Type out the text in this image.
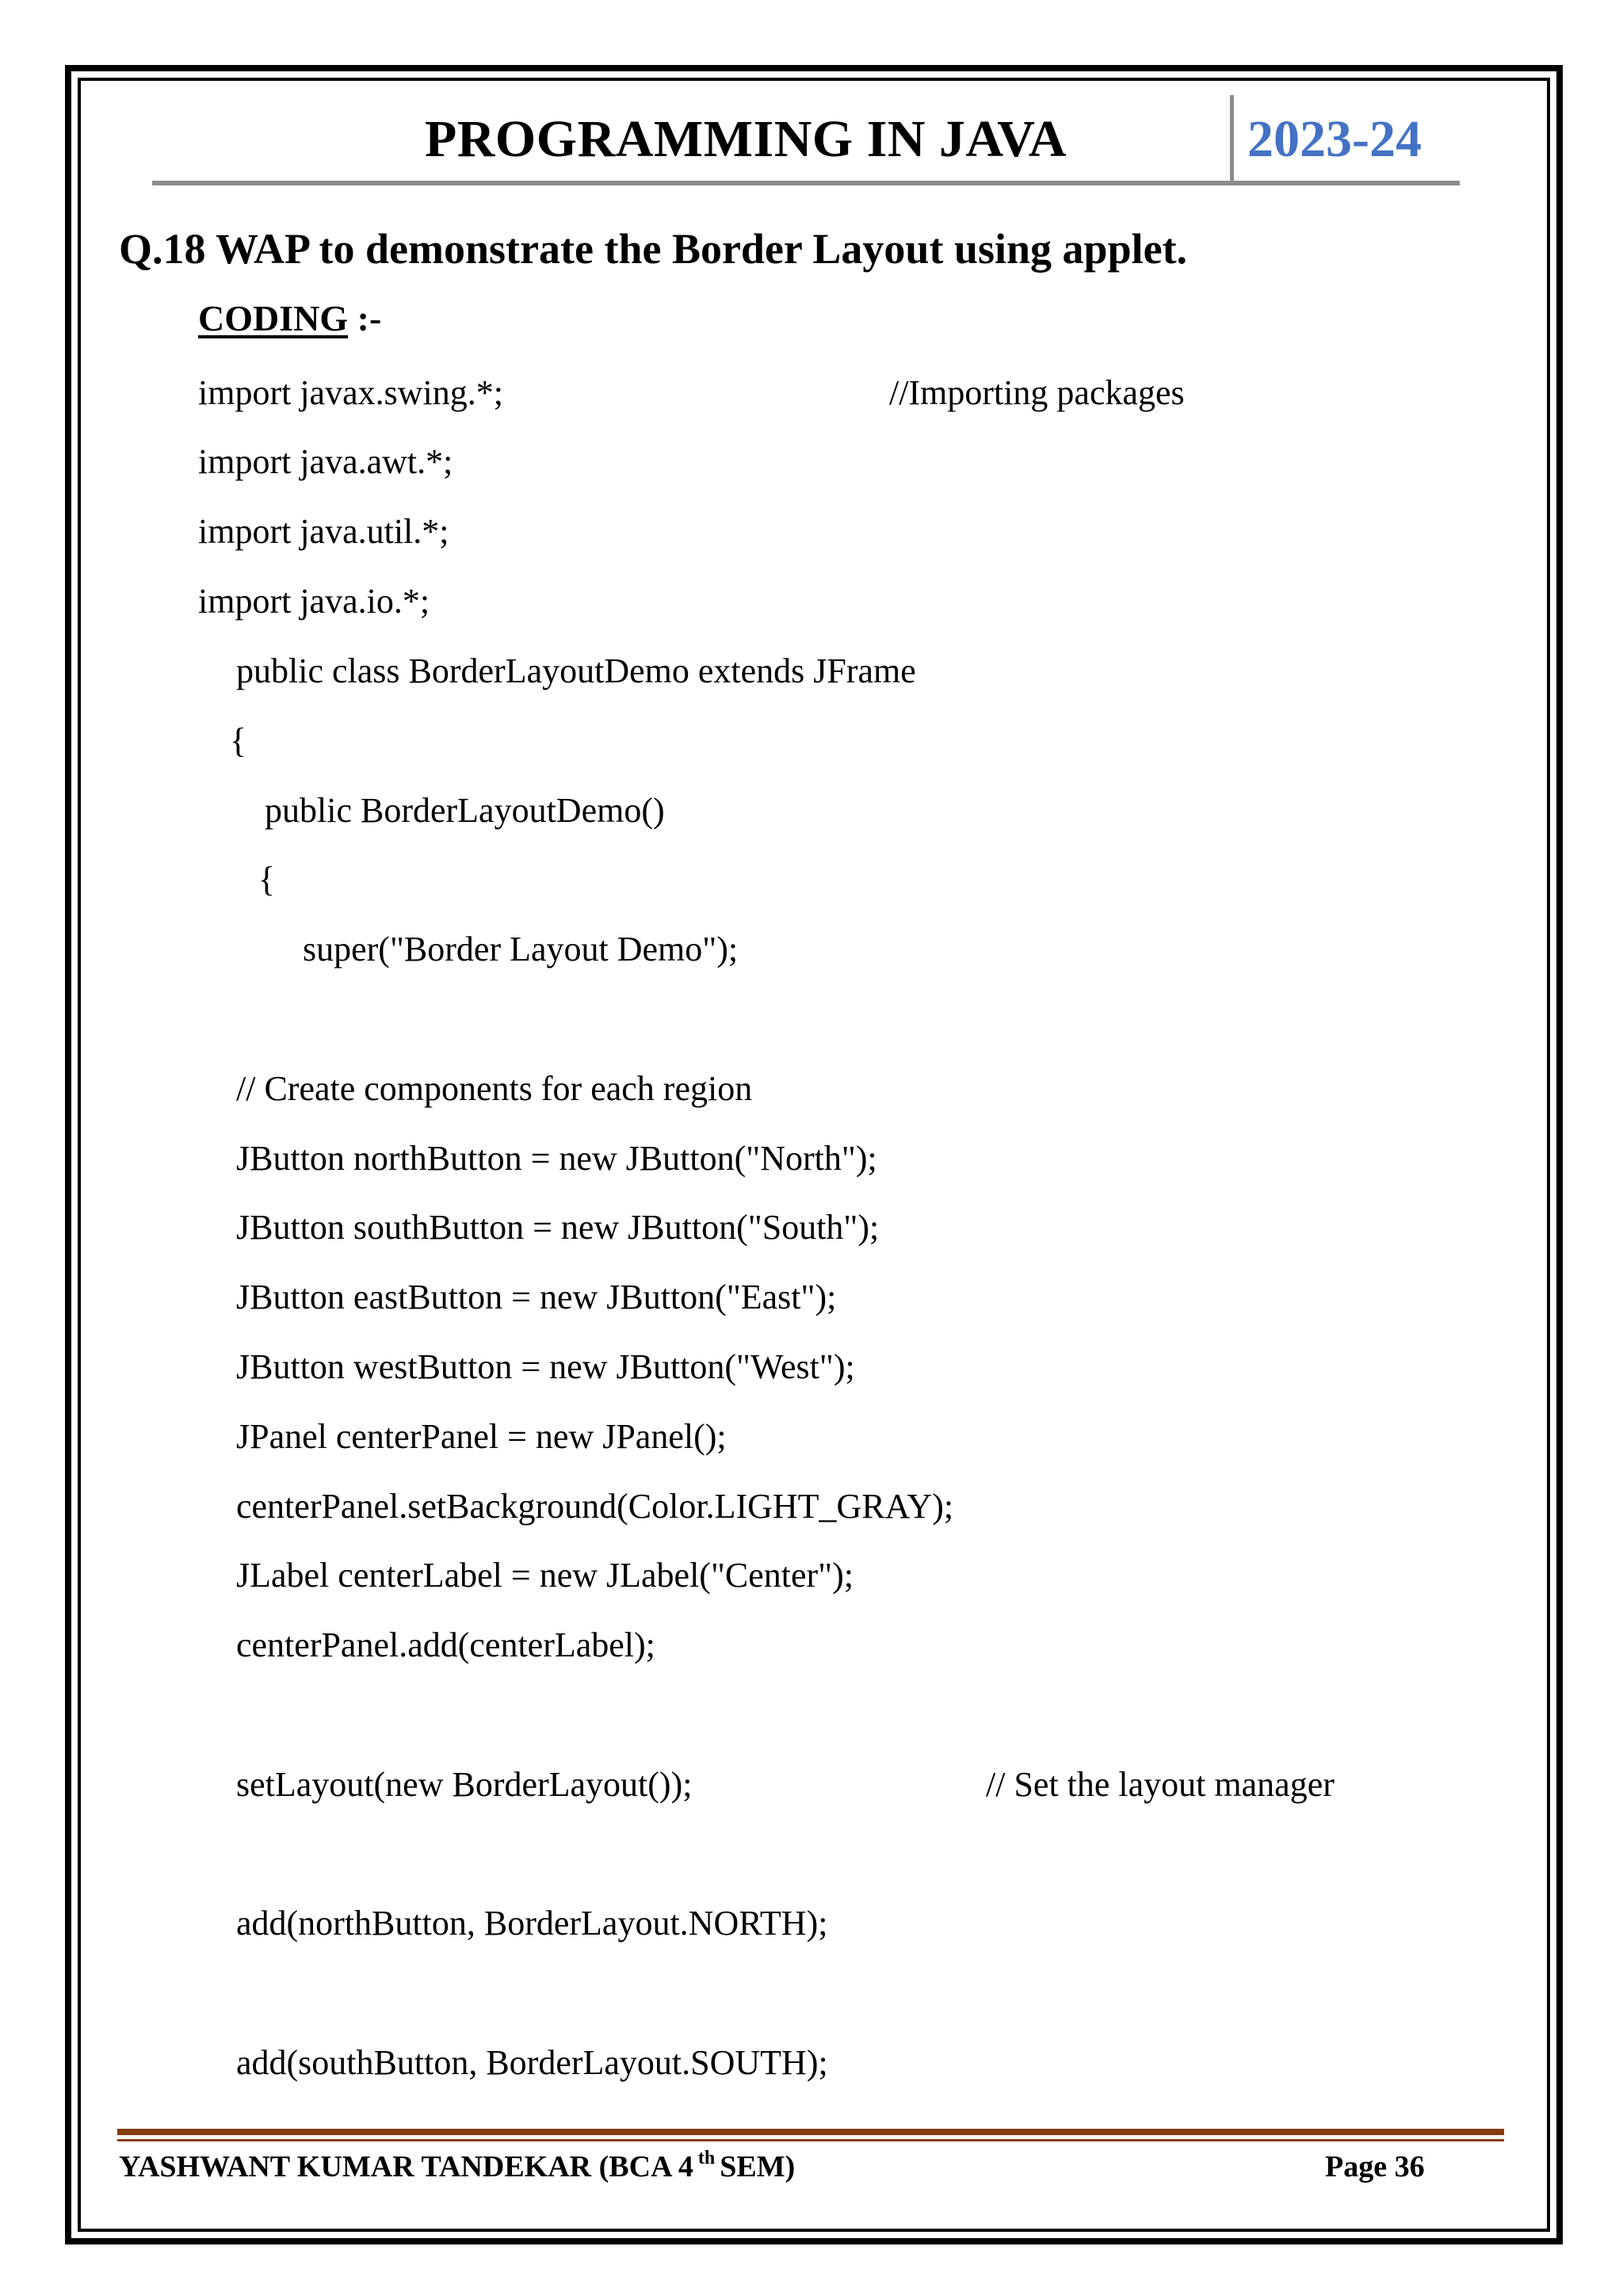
PROGRAMMING IN JAVA	2023-24
Q.18 WAP to demonstrate the Border Layout using applet.
CODING :-
import javax.swing.*;	//Importing packages
import java.awt.*;
import java.util.*;
import java.io.*;
public class BorderLayoutDemo extends JFrame
{
public BorderLayoutDemo()
{
super("Border Layout Demo");
// Create components for each region
JButton northButton = new JButton("North");
JButton southButton = new JButton("South");
JButton eastButton = new JButton("East");
JButton westButton = new JButton("West");
JPanel centerPanel = new JPanel();
centerPanel.setBackground(Color.LIGHT_GRAY);
JLabel centerLabel = new JLabel("Center");
centerPanel.add(centerLabel);
setLayout(new BorderLayout());	// Set the layout manager
add(northButton, BorderLayout.NORTH);
add(southButton, BorderLayout.SOUTH);
YASHWANT KUMAR TANDEKAR (BCA 4 $^{th}$ SEM)	Page 36
